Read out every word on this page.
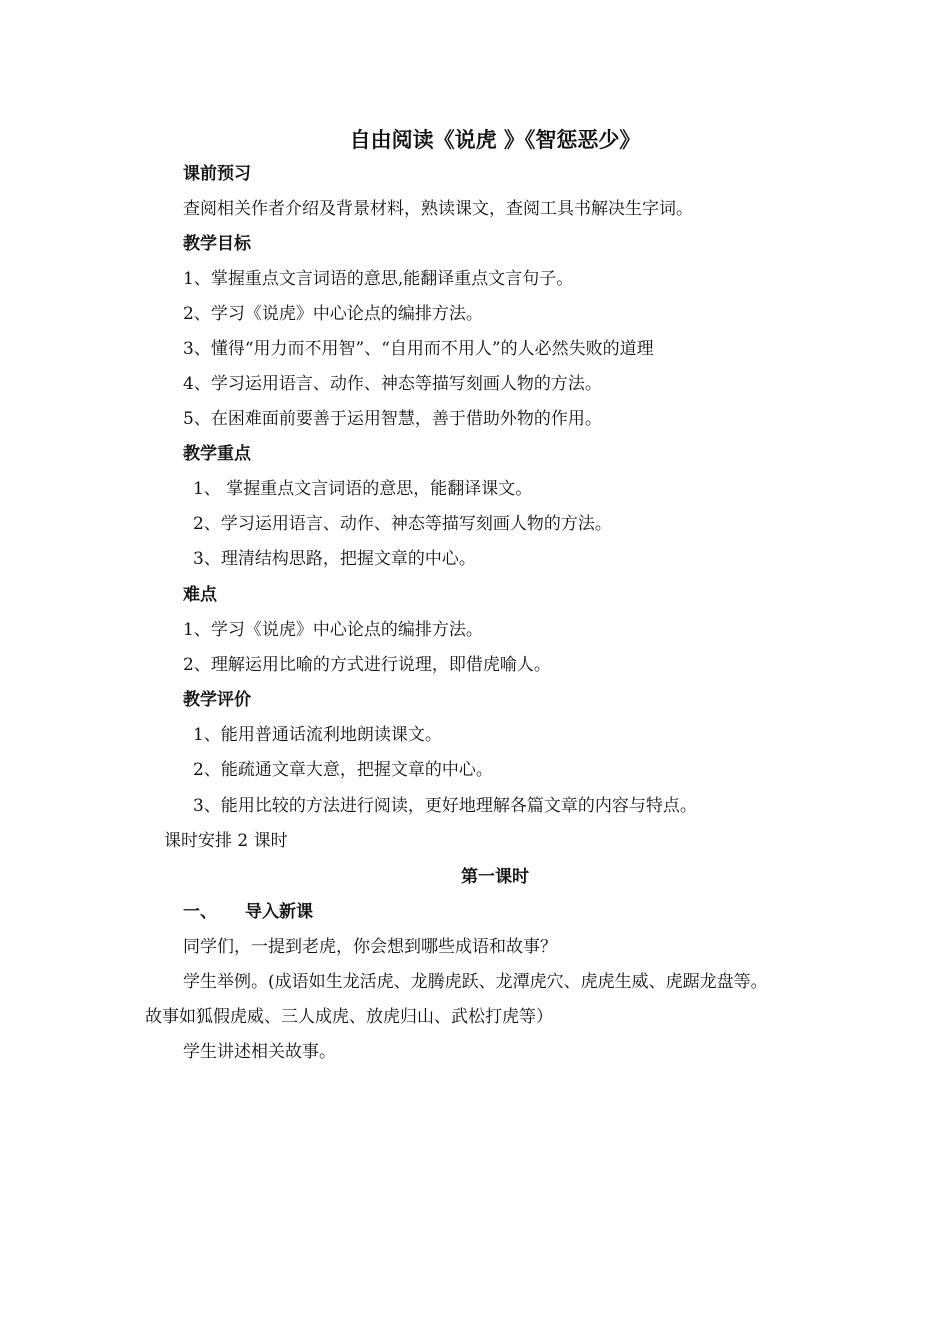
自由阅读《说虎 》《智惩恶少》
课前预习
查阅相关作者介绍及背景材料，熟读课文，查阅工具书解决生字词。
教学目标
1、掌握重点文言词语的意思,能翻译重点文言句子。
2、学习《说虎》中心论点的编排方法。
3、懂得“用力而不用智”、“自用而不用人”的人必然失败的道理
4、学习运用语言、动作、神态等描写刻画人物的方法。
5、在困难面前要善于运用智慧，善于借助外物的作用。
教学重点
1、 掌握重点文言词语的意思，能翻译课文。
2、学习运用语言、动作、神态等描写刻画人物的方法。
3、理清结构思路，把握文章的中心。
难点
1、学习《说虎》中心论点的编排方法。
2、理解运用比喻的方式进行说理，即借虎喻人。
教学评价
1、能用普通话流利地朗读课文。
2、能疏通文章大意，把握文章的中心。
3、能用比较的方法进行阅读，更好地理解各篇文章的内容与特点。
课时安排 2 课时
第一课时
一、 导入新课
同学们，一提到老虎，你会想到哪些成语和故事？
学生举例。(成语如生龙活虎、龙腾虎跃、龙潭虎穴、虎虎生威、虎踞龙盘等。
故事如狐假虎威、三人成虎、放虎归山、武松打虎等）
学生讲述相关故事。
